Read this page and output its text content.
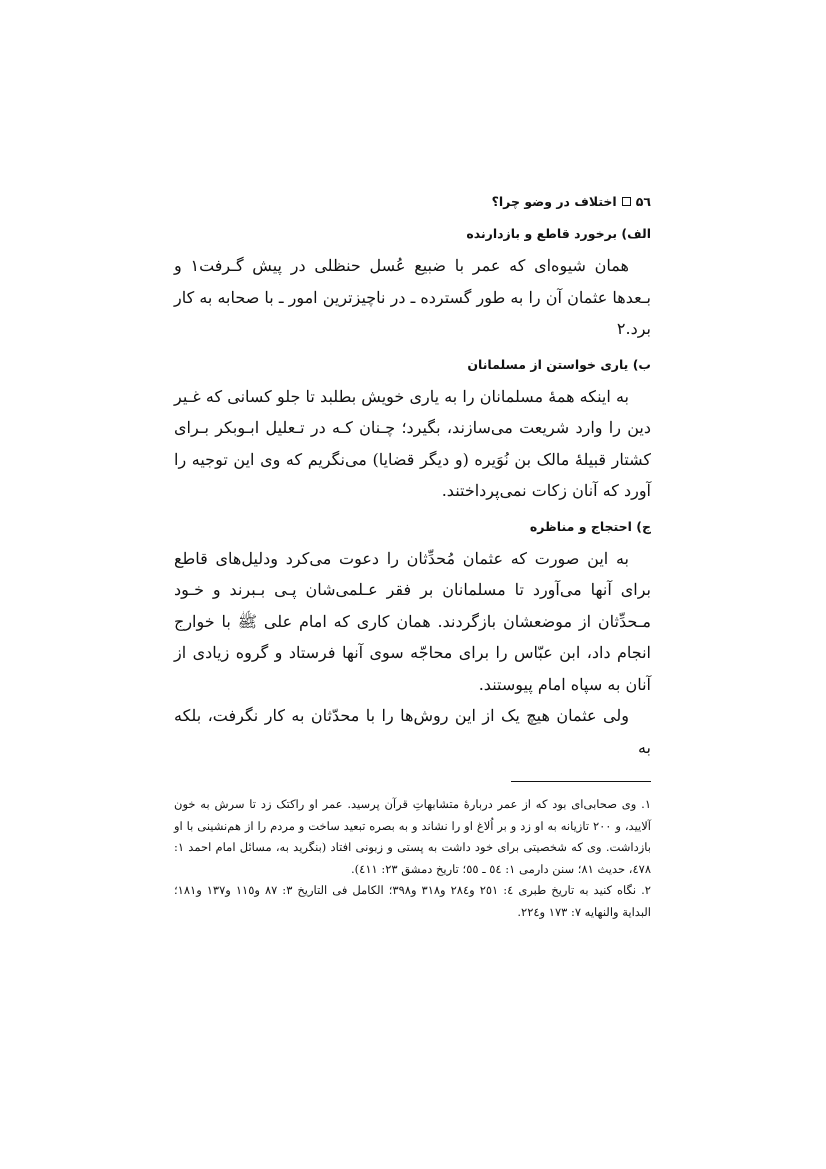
۵٦
اختلاف در وضو چرا؟
الف) برخورد قاطع و بازدارنده

همان شیوه‌ای که عمر با ضبیع عُسل حنظلی در پیش گـرفت١ و بـعدها عثمان آن را به طور گسترده ـ در ناچیزترین امور ـ با صحابه به کار برد.٢

ب) یاری خواستن از مسلمانان

به اینکه همهٔ مسلمانان را به یاری خویش بطلبد تا جلو کسانی که غـیر دین را وارد شریعت می‌سازند، بگیرد؛ چـنان کـه در تـعلیل ابـوبکر بـرای کشتار قبیلهٔ مالک بن نُوَیره (و دیگر قضایا) می‌نگریم که وی این توجیه را آورد که آنان زکات نمی‌پرداختند.

ج) احتجاج و مناظره

به این صورت که عثمان مُحدِّثان را دعوت می‌کرد ودلیل‌های قاطع برای آنها می‌آورد تا مسلمانان بر فقر عـلمی‌شان پـی بـبرند و خـود مـحدِّثان از موضعشان بازگردند. همان کاری که امام علی ﷺ با خوارج انجام داد، ابن عبّاس را برای محاجّه سوی آنها فرستاد و گروه زیادی از آنان به سپاه امام پیوستند.

ولی عثمان هیچ یک از این روش‌ها را با محدّثان به کار نگرفت، بلکه به

١. وی صحابی‌ای بود که از عمر دربارهٔ متشابهاتِ قرآن پرسید. عمر او راکتک زد تا سرش به خون آلایید، و ٢٠٠ تازیانه به او زد و بر اُلاغ او را نشاند و به بصره تبعید ساخت و مردم را از هم‌نشینی با او بازداشت. وی که شخصیتی برای خود داشت به پستی و زبونی افتاد (بنگرید به، مسائل امام احمد ١: ٤٧٨، حدیث ٨١؛ سنن دارمی ١: ٥٤ ـ ٥٥؛ تاریخ دمشق ٢٣: ٤١١).

٢. نگاه کنید به تاریخ طبری ٤: ٢٥١ و٢٨٤ و٣١٨ و٣٩٨؛ الکامل فی التاریخ ٣: ٨٧ و١١٥ و١٣٧ و١٨١؛ البدایة والنهایه ٧: ١٧٣ و٢٢٤.
